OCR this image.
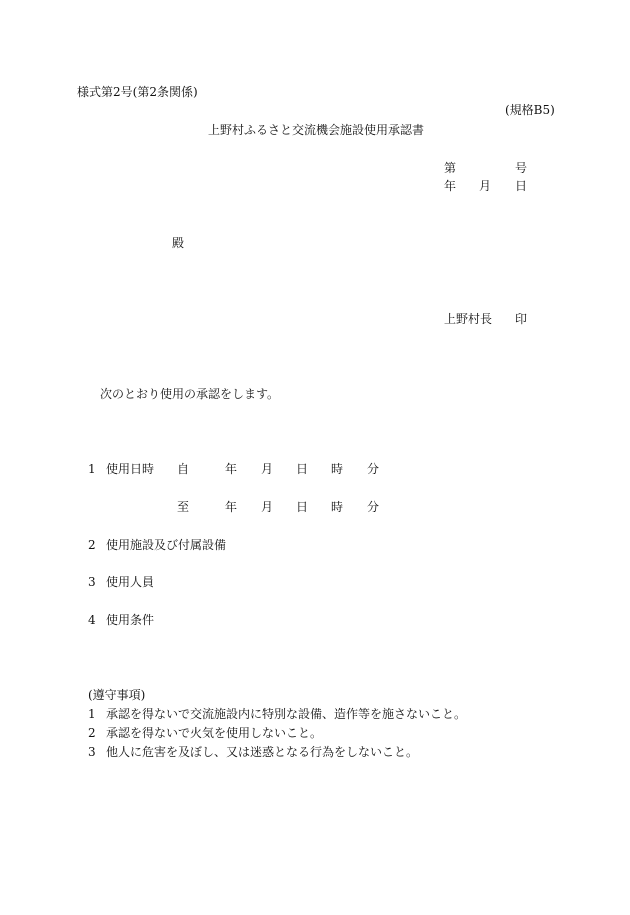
様式第2号(第2条関係)
(規格B5)
上野村ふるさと交流機会施設使用承認書
第	号
年 月 日
殿
上野村長 印
次のとおり使用の承認をします。
1 使用日時 自	年 月 日 時 分
至	年 月 日 時 分
2 使用施設及び付属設備
3 使用人員
4 使用条件
(遵守事項)
1 承認を得ないで交流施設内に特別な設備、造作等を施さないこと。
2 承認を得ないで火気を使用しないこと。
3 他人に危害を及ぼし、又は迷惑となる行為をしないこと。
